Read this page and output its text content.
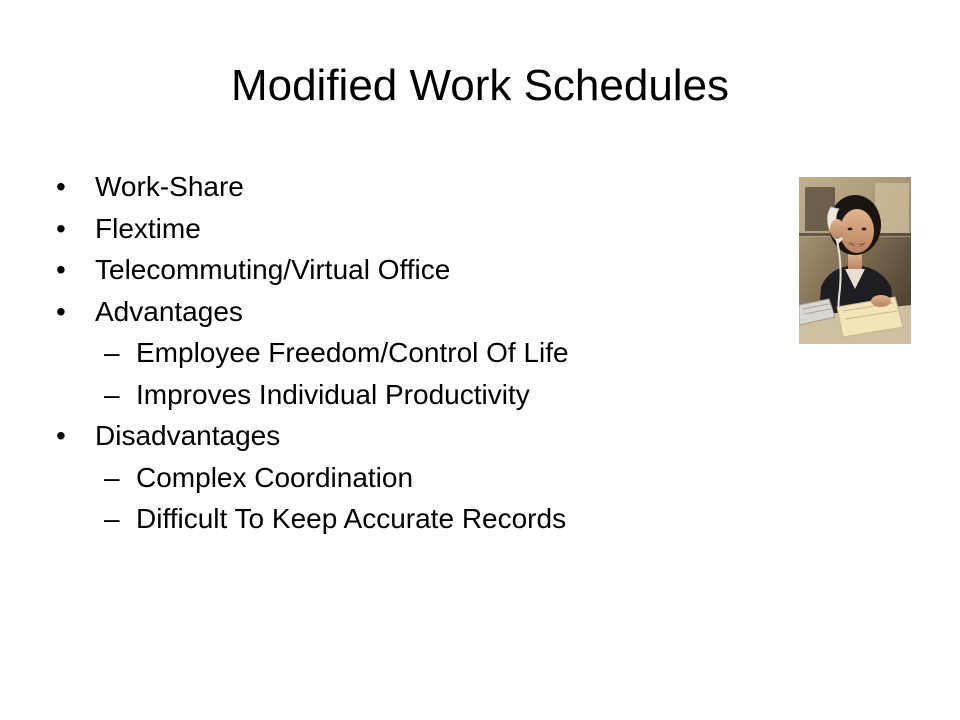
Modified Work Schedules
• Work-Share
• Flextime
• Telecommuting/Virtual Office
• Advantages
– Employee Freedom/Control Of Life
– Improves Individual Productivity
• Disadvantages
– Complex Coordination
– Difficult To Keep Accurate Records
